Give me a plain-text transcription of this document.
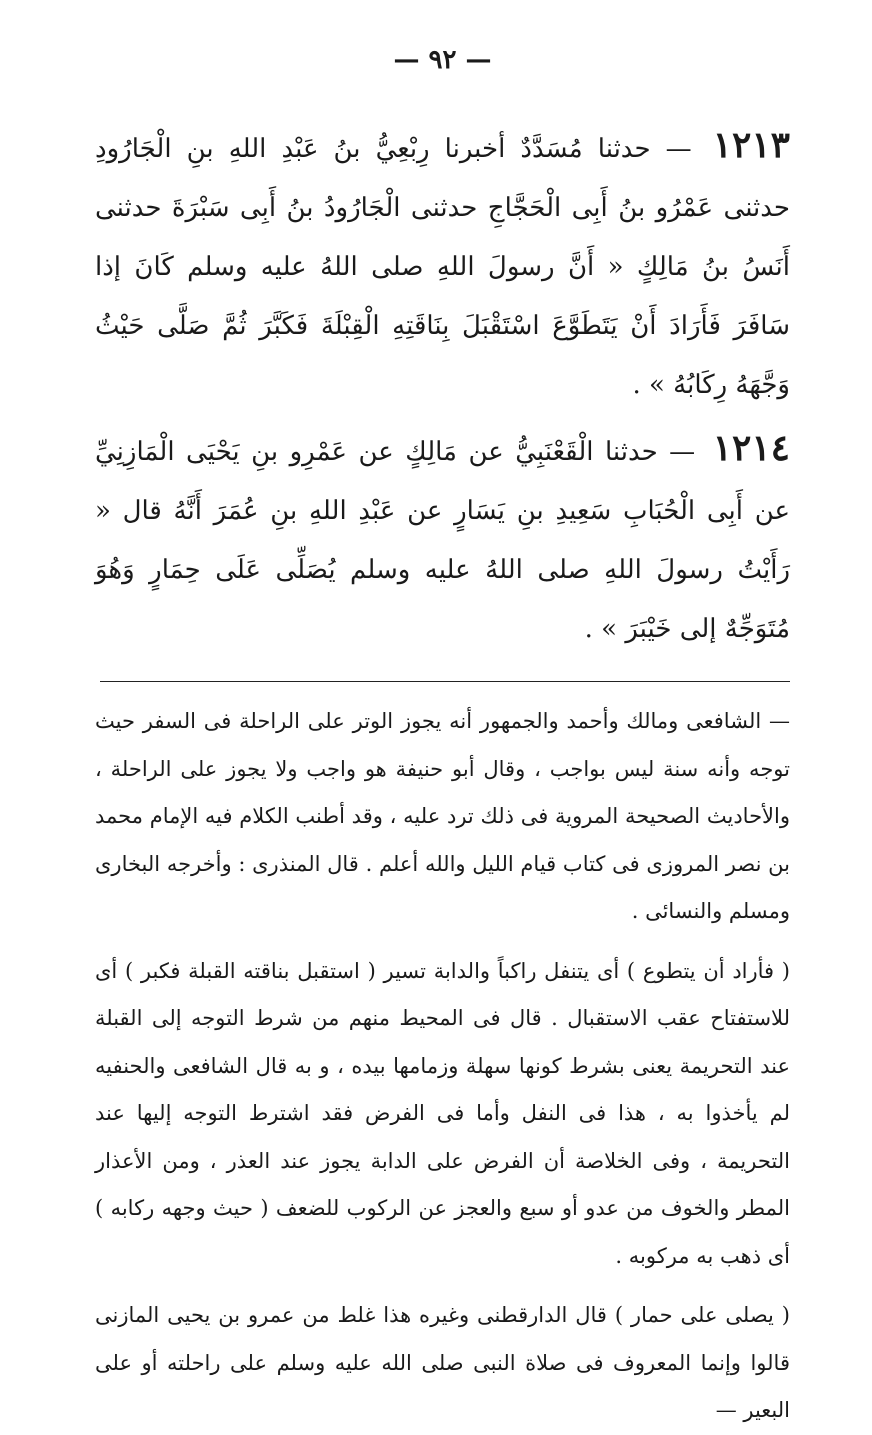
— ٩٢ —

١٢١٣ — حدثنا مُسَدَّدٌ أخبرنا رِبْعِيُّ بنُ عَبْدِ اللهِ بنِ الْجَارُودِ حدثنى عَمْرُو بنُ أَبِى الْحَجَّاجِ حدثنى الْجَارُودُ بنُ أَبِى سَبْرَةَ حدثنى أَنَسُ بنُ مَالِكٍ « أَنَّ رسولَ اللهِ صلى اللهُ عليه وسلم كَانَ إذا سَافَرَ فَأَرَادَ أَنْ يَتَطَوَّعَ اسْتَقْبَلَ بِنَاقَتِهِ الْقِبْلَةَ فَكَبَّرَ ثُمَّ صَلَّى حَيْثُ وَجَّهَهُ رِكَابُهُ » .

١٢١٤ — حدثنا الْقَعْنَبِيُّ عن مَالِكٍ عن عَمْرِو بنِ يَحْيَى الْمَازِنِيِّ عن أَبِى الْحُبَابِ سَعِيدِ بنِ يَسَارٍ عن عَبْدِ اللهِ بنِ عُمَرَ أَنَّهُ قال « رَأَيْتُ رسولَ اللهِ صلى اللهُ عليه وسلم يُصَلِّى عَلَى حِمَارٍ وَهُوَ مُتَوَجِّهٌ إلى خَيْبَرَ » .

— الشافعى ومالك وأحمد والجمهور أنه يجوز الوتر على الراحلة فى السفر حيث توجه وأنه سنة ليس بواجب ، وقال أبو حنيفة هو واجب ولا يجوز على الراحلة ، والأحاديث الصحيحة المروية فى ذلك ترد عليه ، وقد أطنب الكلام فيه الإمام محمد بن نصر المروزى فى كتاب قيام الليل والله أعلم . قال المنذرى : وأخرجه البخارى ومسلم والنسائى .

( فأراد أن يتطوع ) أى يتنفل راكباً والدابة تسير ( استقبل بناقته القبلة فكبر ) أى للاستفتاح عقب الاستقبال . قال فى المحيط منهم من شرط التوجه إلى القبلة عند التحريمة يعنى بشرط كونها سهلة وزمامها بيده ، و به قال الشافعى والحنفيه لم يأخذوا به ، هذا فى النفل وأما فى الفرض فقد اشترط التوجه إليها عند التحريمة ، وفى الخلاصة أن الفرض على الدابة يجوز عند العذر ، ومن الأعذار المطر والخوف من عدو أو سبع والعجز عن الركوب للضعف ( حيث وجهه ركابه ) أى ذهب به مركوبه .

( يصلى على حمار ) قال الدارقطنى وغيره هذا غلط من عمرو بن يحيى المازنى قالوا وإنما المعروف فى صلاة النبى صلى الله عليه وسلم على راحلته أو على البعير —
